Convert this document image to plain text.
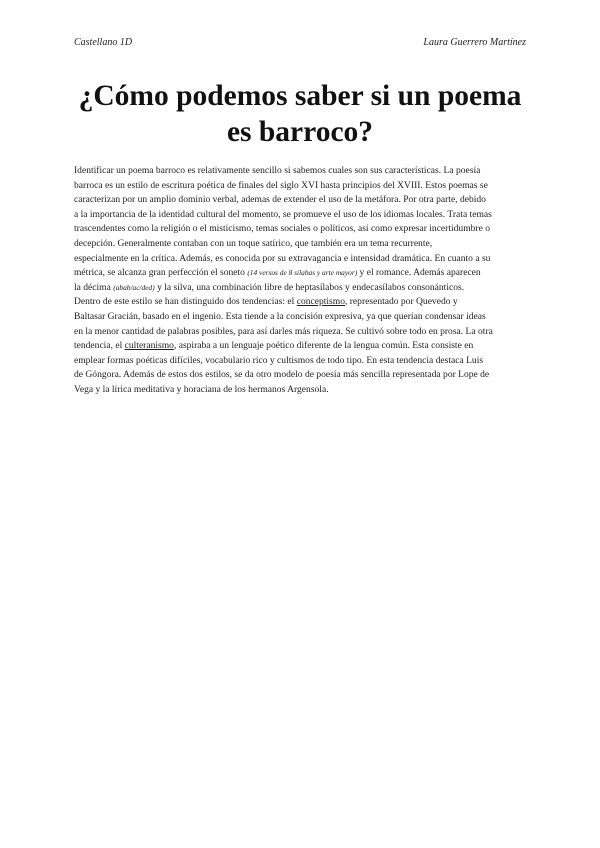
Castellano 1D	Laura Guerrero Martínez
¿Cómo podemos saber si un poema
es barroco?
Identificar un poema barroco es relativamente sencillo si sabemos cuales son sus características. La poesía
barroca es un estilo de escritura poética de finales del siglo XVI hasta principios del XVIII. Estos poemas se
caracterizan por un amplio dominio verbal, ademas de extender el uso de la metáfora. Por otra parte, debido
a la importancia de la identidad cultural del momento, se promueve el uso de los idiomas locales. Trata temas
trascendentes como la religión o el misticismo, temas sociales o políticos, así como expresar incertidumbre o
decepción. Generalmente contaban con un toque satírico, que también era un tema recurrente,
especialmente en la crítica. Además, es conocida por su extravagancia e intensidad dramática. En cuanto a su
métrica, se alcanza gran perfección el soneto (14 versos de 8 sílabas y arte mayor) y el romance. Además aparecen
la décima (abab/ac/ded) y la silva, una combinación libre de heptasílabos y endecasílabos consonánticos.
Dentro de este estilo se han distinguido dos tendencias: el conceptismo, representado por Quevedo y
Baltasar Gracián, basado en el ingenio. Esta tiende a la concisión expresiva, ya que querían condensar ideas
en la menor cantidad de palabras posibles, para así darles más riqueza. Se cultivó sobre todo en prosa. La otra
tendencia, el culteranismo, aspiraba a un lenguaje poético diferente de la lengua común. Esta consiste en
emplear formas poéticas difíciles, vocabulario rico y cultismos de todo tipo. En esta tendencia destaca Luis
de Góngora. Además de estos dos estilos, se da otro modelo de poesía más sencilla representada por Lope de
Vega y la lírica meditativa y horaciana de los hermanos Argensola.
